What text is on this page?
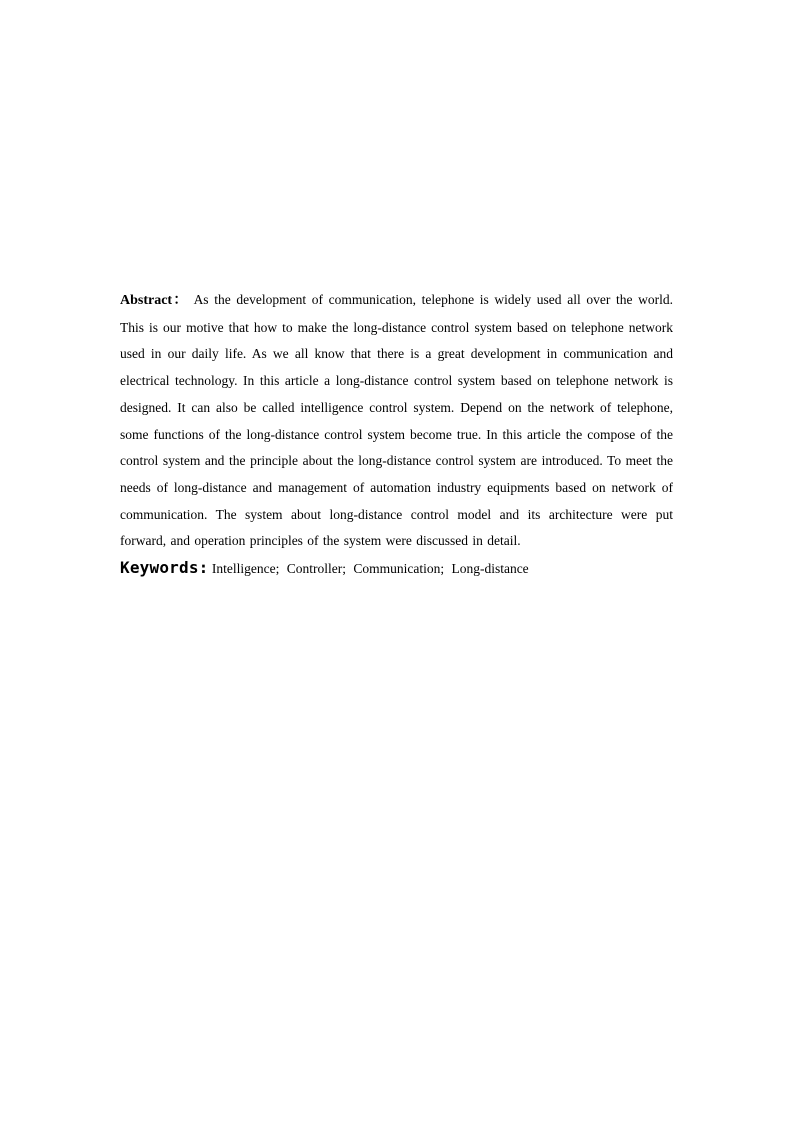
Abstract： As the development of communication, telephone is widely used all over the world. This is our motive that how to make the long-distance control system based on telephone network used in our daily life. As we all know that there is a great development in communication and electrical technology. In this article a long-distance control system based on telephone network is designed. It can also be called intelligence control system. Depend on the network of telephone, some functions of the long-distance control system become true. In this article the compose of the control system and the principle about the long-distance control system are introduced. To meet the needs of long-distance and management of automation industry equipments based on network of communication. The system about long-distance control model and its architecture were put forward, and operation principles of the system were discussed in detail.

Keywords: Intelligence; Controller; Communication; Long-distance
